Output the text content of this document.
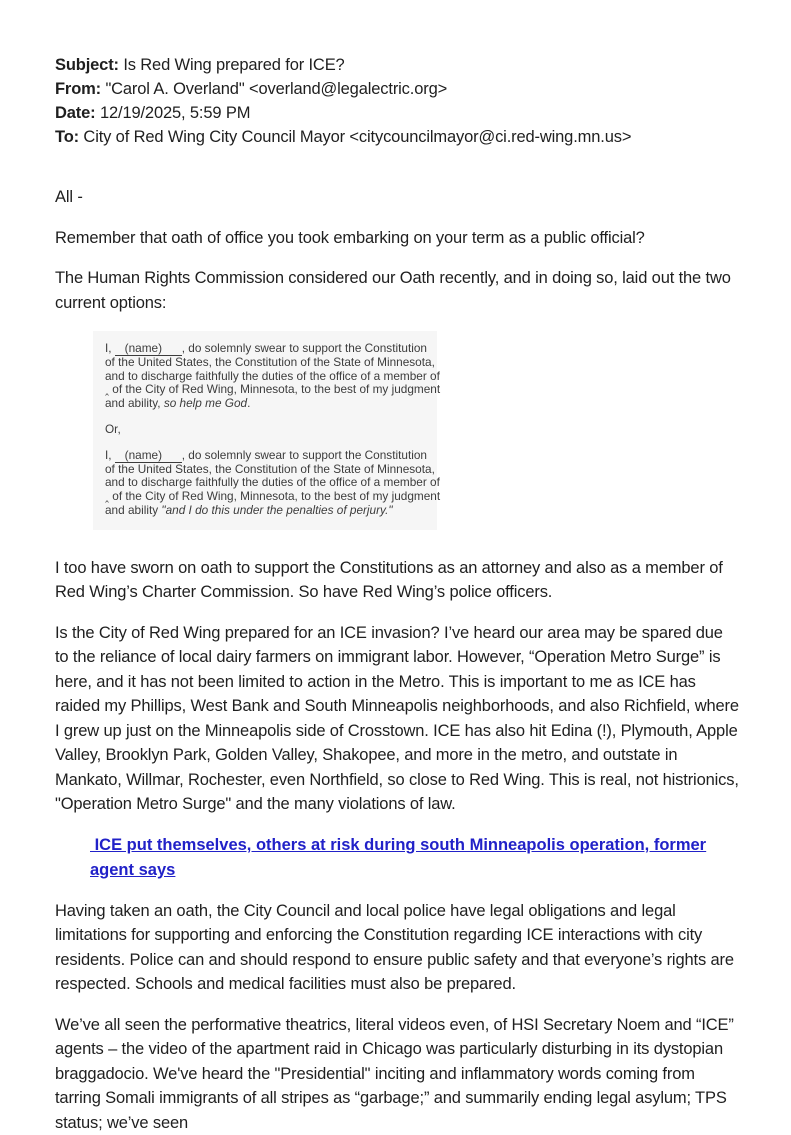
Subject: Is Red Wing prepared for ICE?
From: "Carol A. Overland" <overland@legalectric.org>
Date: 12/19/2025, 5:59 PM
To: City of Red Wing City Council Mayor <citycouncilmayor@ci.red-wing.mn.us>

All -

Remember that oath of office you took embarking on your term as a public official?

The Human Rights Commission considered our Oath recently, and in doing so, laid out the two current options:

I,    (name)      , do solemnly swear to support the Constitution
of the United States, the Constitution of the State of Minnesota,
and to discharge faithfully the duties of the office of a member of
‸ of the City of Red Wing, Minnesota, to the best of my judgment
and ability, so help me God.
Or,
I,    (name)      , do solemnly swear to support the Constitution
of the United States, the Constitution of the State of Minnesota,
and to discharge faithfully the duties of the office of a member of
‸ of the City of Red Wing, Minnesota, to the best of my judgment
and ability "and I do this under the penalties of perjury."

I too have sworn on oath to support the Constitutions as an attorney and also as a member of Red Wing’s Charter Commission. So have Red Wing’s police officers.

Is the City of Red Wing prepared for an ICE invasion? I’ve heard our area may be spared due to the reliance of local dairy farmers on immigrant labor. However, “Operation Metro Surge” is here, and it has not been limited to action in the Metro. This is important to me as ICE has raided my Phillips, West Bank and South Minneapolis neighborhoods, and also Richfield, where I grew up just on the Minneapolis side of Crosstown. ICE has also hit Edina (!), Plymouth, Apple Valley, Brooklyn Park, Golden Valley, Shakopee, and more in the metro, and outstate in Mankato, Willmar, Rochester, even Northfield, so close to Red Wing. This is real, not histrionics, "Operation Metro Surge" and the many violations of law.

ICE put themselves, others at risk during south Minneapolis operation, former
agent says

Having taken an oath, the City Council and local police have legal obligations and legal limitations for supporting and enforcing the Constitution regarding ICE interactions with city residents. Police can and should respond to ensure public safety and that everyone’s rights are respected. Schools and medical facilities must also be prepared.

We’ve all seen the performative theatrics, literal videos even, of HSI Secretary Noem and “ICE” agents – the video of the apartment raid in Chicago was particularly disturbing in its dystopian braggadocio. We've heard the "Presidential" inciting and inflammatory words coming from tarring Somali immigrants of all stripes as “garbage;” and summarily ending legal asylum; TPS status; we’ve seen
